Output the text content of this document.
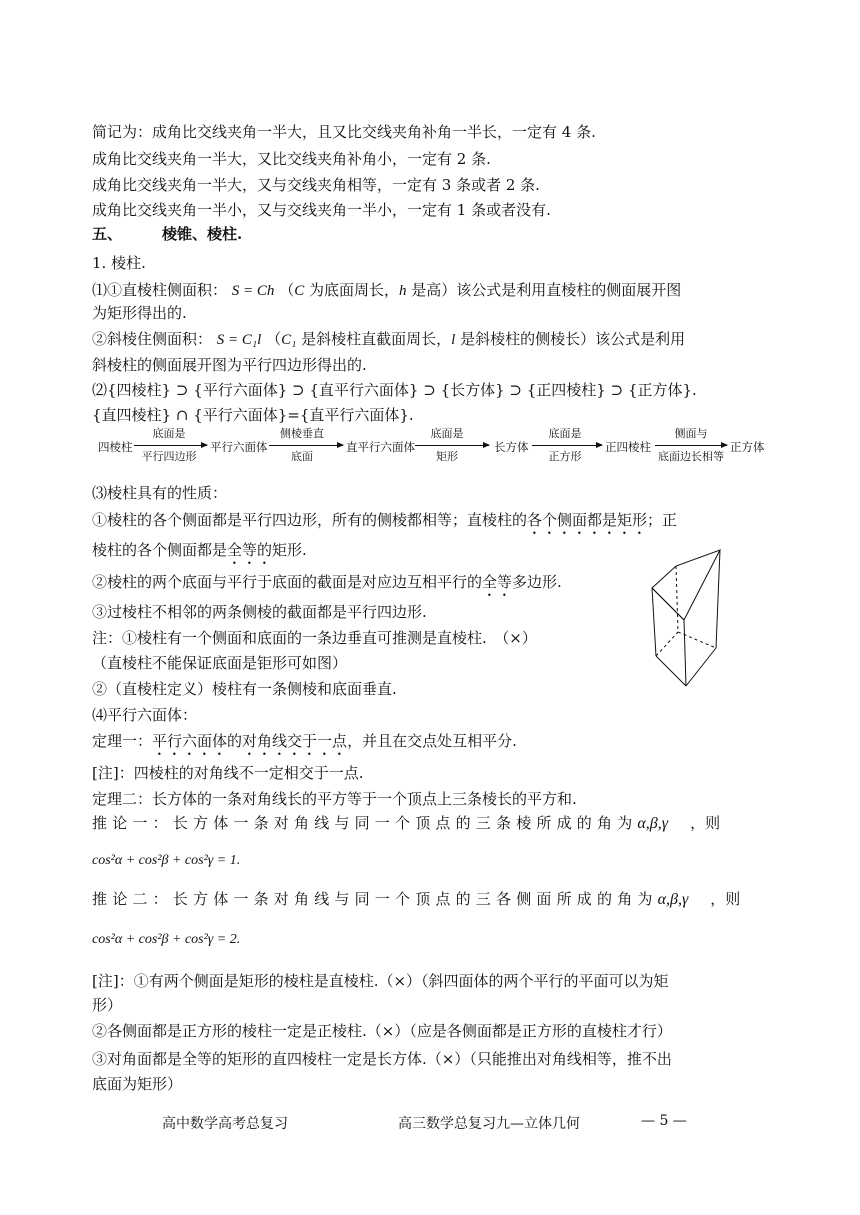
简记为：成角比交线夹角一半大，且又比交线夹角补角一半长，一定有 4 条.
成角比交线夹角一半大，又比交线夹角补角小，一定有 2 条.
成角比交线夹角一半大，又与交线夹角相等，一定有 3 条或者 2 条.
成角比交线夹角一半小，又与交线夹角一半小，一定有 1 条或者没有.
五、	棱锥、棱柱.
1. 棱柱.
⑴①直棱柱侧面积： S = Ch （C 为底面周长，h 是高）该公式是利用直棱柱的侧面展开图
为矩形得出的.
②斜棱住侧面积： S = C₁l （C₁ 是斜棱柱直截面周长，l 是斜棱柱的侧棱长）该公式是利用
斜棱柱的侧面展开图为平行四边形得出的.
⑵{四棱柱} ⊃ {平行六面体} ⊃ {直平行六面体} ⊃ {长方体} ⊃ {正四棱柱} ⊃ {正方体}.
{直四棱柱} ∩ {平行六面体}={直平行六面体}.
四棱柱
底面是
平行四边形
平行六面体
侧棱垂直
底面
直平行六面体
底面是
矩形
长方体
底面是
正方形
正四棱柱
侧面与
底面边长相等
正方体
⑶棱柱具有的性质：
①棱柱的各个侧面都是平行四边形，所有的侧棱都相等；直棱柱的各个侧面都是矩形；正
棱柱的各个侧面都是全等的矩形.
②棱柱的两个底面与平行于底面的截面是对应边互相平行的全等多边形.
③过棱柱不相邻的两条侧棱的截面都是平行四边形.
注：①棱柱有一个侧面和底面的一条边垂直可推测是直棱柱.　（×）
（直棱柱不能保证底面是钜形可如图）
②（直棱柱定义）棱柱有一条侧棱和底面垂直.
⑷平行六面体：
定理一：平行六面体的对角线交于一点，并且在交点处互相平分.
[注]：四棱柱的对角线不一定相交于一点.
定理二：长方体的一条对角线长的平方等于一个顶点上三条棱长的平方和.
推论一：长方体一条对角线与同一个顶点的三条棱所成的角为α,β,γ ，则
cos²α + cos²β + cos²γ = 1.
推论二：长方体一条对角线与同一个顶点的三各侧面所成的角为α,β,γ ，则
cos²α + cos²β + cos²γ = 2.
[注]：①有两个侧面是矩形的棱柱是直棱柱.（×）（斜四面体的两个平行的平面可以为矩
形）
②各侧面都是正方形的棱柱一定是正棱柱.（×）（应是各侧面都是正方形的直棱柱才行）
③对角面都是全等的矩形的直四棱柱一定是长方体.（×）（只能推出对角线相等，推不出
底面为矩形）
高中数学高考总复习	高三数学总复习九—立体几何	— 5 —
